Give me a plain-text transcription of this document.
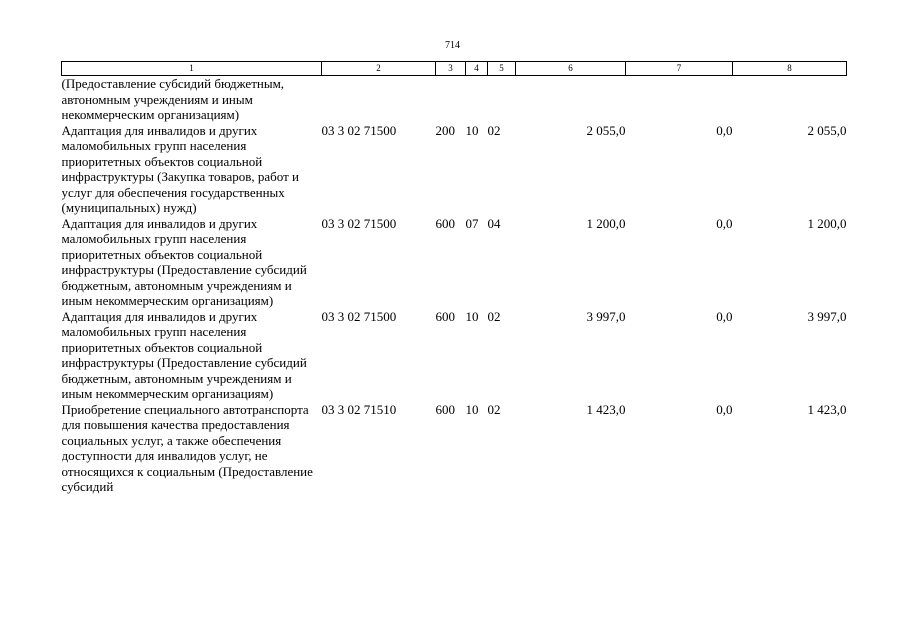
714
1	2	3	4	5	6	7	8
(Предоставление субсидий бюджетным, автономным учреждениям и иным некоммерческим организациям)							
Адаптация для инвалидов и других маломобильных групп населения приоритетных объектов социальной инфраструктуры (Закупка товаров, работ и услуг для обеспечения государственных (муниципальных) нужд)	03 3 02 71500	200	10	02	2 055,0	0,0	2 055,0
Адаптация для инвалидов и других маломобильных групп населения приоритетных объектов социальной инфраструктуры (Предоставление субсидий бюджетным, автономным учреждениям и иным некоммерческим организациям)	03 3 02 71500	600	07	04	1 200,0	0,0	1 200,0
Адаптация для инвалидов и других маломобильных групп населения приоритетных объектов социальной инфраструктуры (Предоставление субсидий бюджетным, автономным учреждениям и иным некоммерческим организациям)	03 3 02 71500	600	10	02	3 997,0	0,0	3 997,0
Приобретение специального автотранспорта для повышения качества предоставления социальных услуг, а также обеспечения доступности для инвалидов услуг, не относящихся к социальным (Предоставление субсидий	03 3 02 71510	600	10	02	1 423,0	0,0	1 423,0
